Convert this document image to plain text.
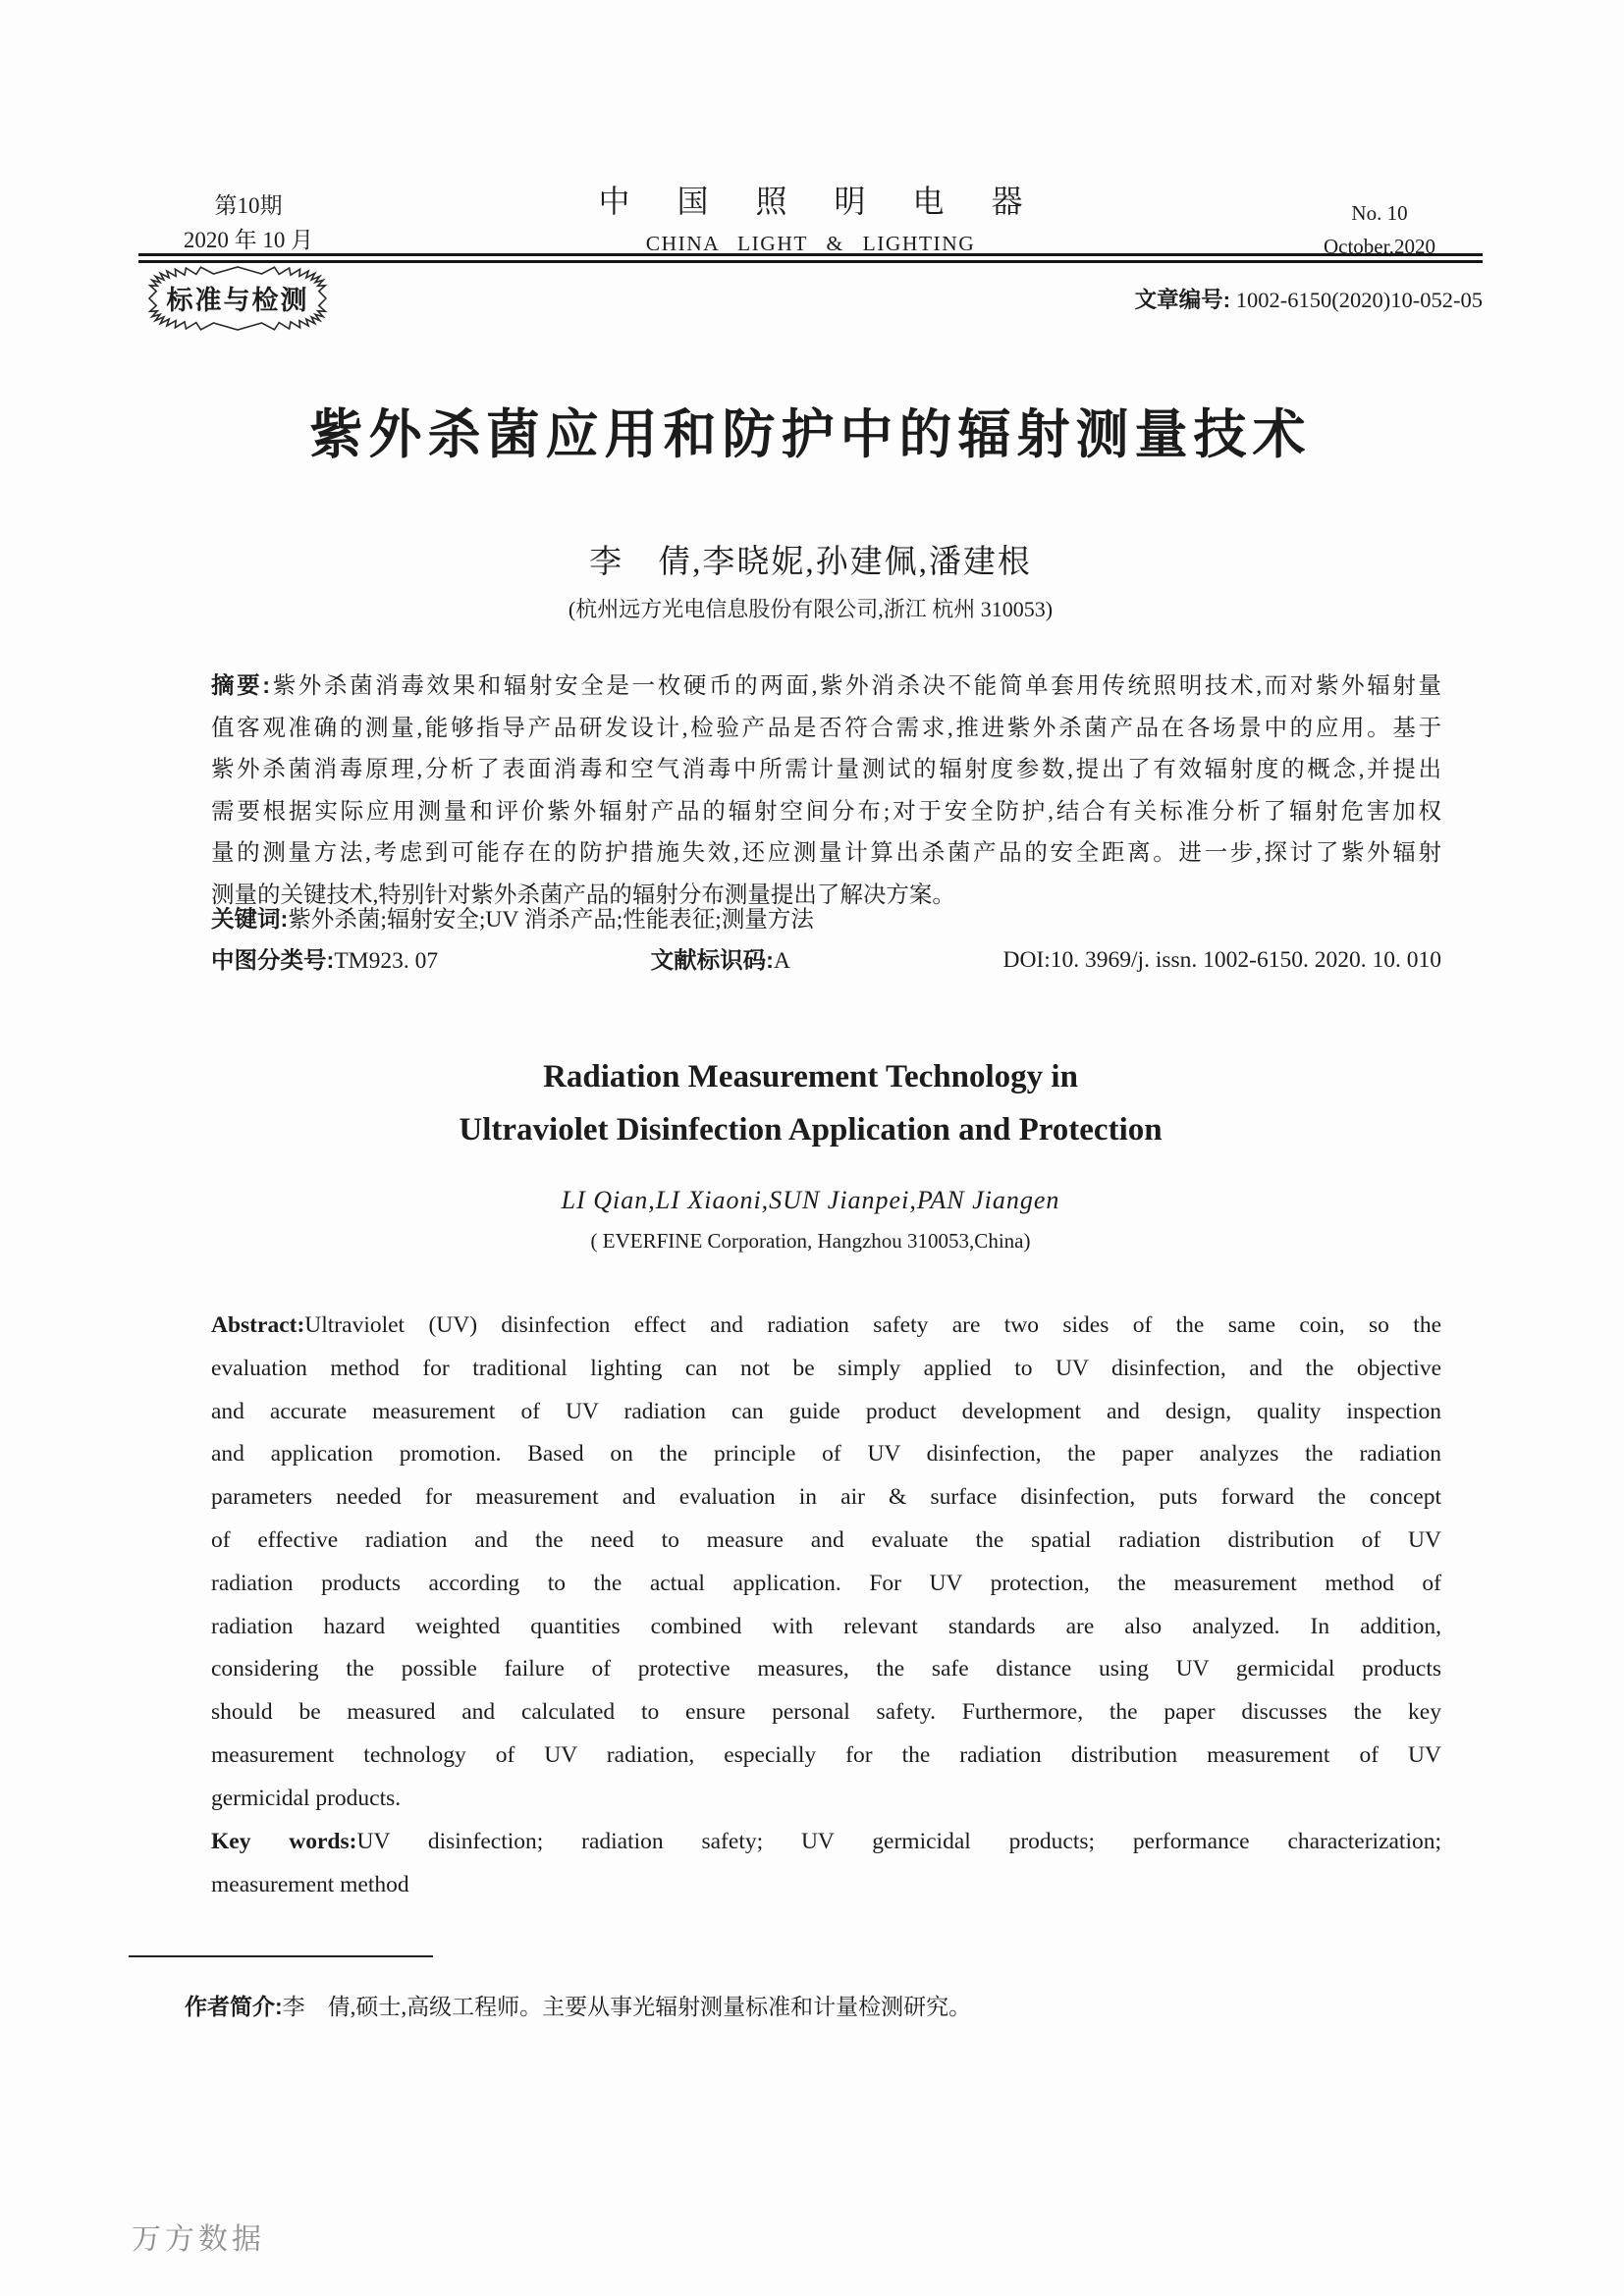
第10期
2020 年 10 月
中国照明电器
CHINA LIGHT & LIGHTING
No. 10
October,2020
标准与检测	文章编号: 1002-6150(2020)10-052-05
紫外杀菌应用和防护中的辐射测量技术
李　倩,李晓妮,孙建佩,潘建根
(杭州远方光电信息股份有限公司,浙江 杭州 310053)
摘要:紫外杀菌消毒效果和辐射安全是一枚硬币的两面,紫外消杀决不能简单套用传统照明技术,而对紫外辐射量
值客观准确的测量,能够指导产品研发设计,检验产品是否符合需求,推进紫外杀菌产品在各场景中的应用。基于
紫外杀菌消毒原理,分析了表面消毒和空气消毒中所需计量测试的辐射度参数,提出了有效辐射度的概念,并提出
需要根据实际应用测量和评价紫外辐射产品的辐射空间分布;对于安全防护,结合有关标准分析了辐射危害加权
量的测量方法,考虑到可能存在的防护措施失效,还应测量计算出杀菌产品的安全距离。进一步,探讨了紫外辐射
测量的关键技术,特别针对紫外杀菌产品的辐射分布测量提出了解决方案。
关键词:紫外杀菌;辐射安全;UV 消杀产品;性能表征;测量方法
中图分类号:TM923. 07	文献标识码:A	DOI:10. 3969/j. issn. 1002-6150. 2020. 10. 010
Radiation Measurement Technology in
Ultraviolet Disinfection Application and Protection
LI Qian,LI Xiaoni,SUN Jianpei,PAN Jiangen
( EVERFINE Corporation, Hangzhou 310053,China)
Abstract:Ultraviolet (UV) disinfection effect and radiation safety are two sides of the same coin, so the
evaluation method for traditional lighting can not be simply applied to UV disinfection, and the objective
and accurate measurement of UV radiation can guide product development and design, quality inspection
and application promotion. Based on the principle of UV disinfection, the paper analyzes the radiation
parameters needed for measurement and evaluation in air & surface disinfection, puts forward the concept
of effective radiation and the need to measure and evaluate the spatial radiation distribution of UV
radiation products according to the actual application. For UV protection, the measurement method of
radiation hazard weighted quantities combined with relevant standards are also analyzed. In addition,
considering the possible failure of protective measures, the safe distance using UV germicidal products
should be measured and calculated to ensure personal safety. Furthermore, the paper discusses the key
measurement technology of UV radiation, especially for the radiation distribution measurement of UV
germicidal products.
Key words:UV disinfection; radiation safety; UV germicidal products; performance characterization;
measurement method
作者简介:李　倩,硕士,高级工程师。主要从事光辐射测量标准和计量检测研究。
万方数据
